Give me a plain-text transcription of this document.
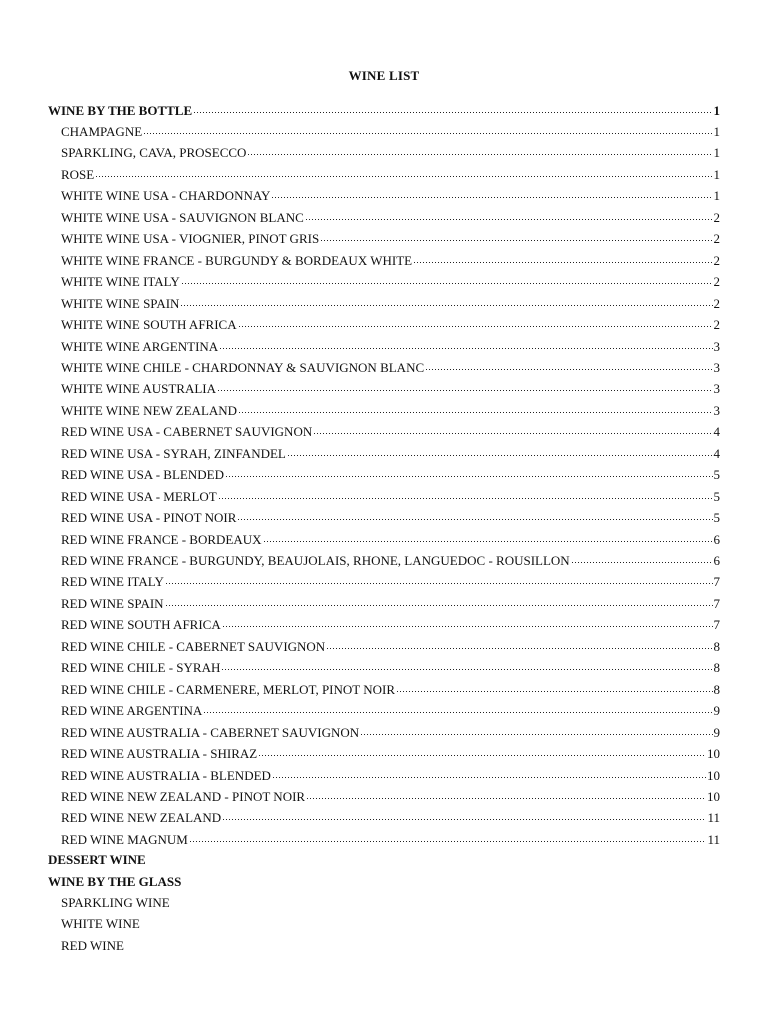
WINE LIST
WINE BY THE BOTTLE	1
CHAMPAGNE	1
SPARKLING, CAVA, PROSECCO	1
ROSE	1
WHITE WINE USA - CHARDONNAY	1
WHITE WINE USA - SAUVIGNON BLANC	2
WHITE WINE USA - VIOGNIER, PINOT GRIS	2
WHITE WINE FRANCE - BURGUNDY & BORDEAUX WHITE	2
WHITE WINE ITALY	2
WHITE WINE SPAIN	2
WHITE WINE SOUTH AFRICA	2
WHITE WINE ARGENTINA	3
WHITE WINE CHILE - CHARDONNAY & SAUVIGNON BLANC	3
WHITE WINE AUSTRALIA	3
WHITE WINE NEW ZEALAND	3
RED WINE USA - CABERNET SAUVIGNON	4
RED WINE USA - SYRAH, ZINFANDEL	4
RED WINE USA - BLENDED	5
RED WINE USA - MERLOT	5
RED WINE USA - PINOT NOIR	5
RED WINE FRANCE - BORDEAUX	6
RED WINE FRANCE - BURGUNDY, BEAUJOLAIS, RHONE, LANGUEDOC - ROUSILLON	6
RED WINE ITALY	7
RED WINE SPAIN	7
RED WINE SOUTH AFRICA	7
RED WINE CHILE - CABERNET SAUVIGNON	8
RED WINE CHILE - SYRAH	8
RED WINE CHILE - CARMENERE, MERLOT, PINOT NOIR	8
RED WINE ARGENTINA	9
RED WINE AUSTRALIA - CABERNET SAUVIGNON	9
RED WINE AUSTRALIA - SHIRAZ	10
RED WINE AUSTRALIA - BLENDED	10
RED WINE NEW ZEALAND - PINOT NOIR	10
RED WINE NEW ZEALAND	11
RED WINE MAGNUM	11
DESSERT WINE
WINE BY THE GLASS
SPARKLING WINE
WHITE WINE
RED WINE
